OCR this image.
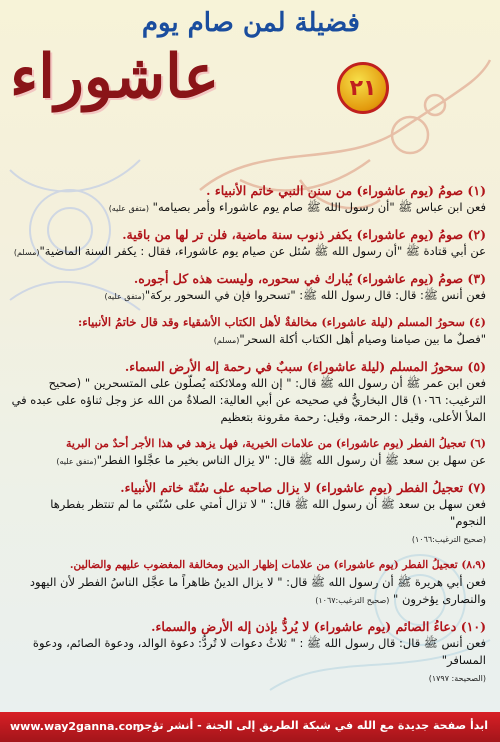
فضيلة لمن صام يوم
٢١
عاشوراء
(١) صومُ (يوم عاشوراء) من سنن النبي خاتم الأنبياء .
فعن ابن عباس ﷺ "أن رسول الله ﷺ صام يوم عاشوراء وأمر بصيامه" (متفق عليه)
(٢) صومُ (يوم عاشوراء) يكفر ذنوب سنة ماضية، فلن تر لها من باقية.
عن أبي قتادة ﷺ "أن رسول الله ﷺ سُئل عن صيام يوم عاشوراء، فقال : يكفر السنة الماضية"(مسلم)
(٣) صومُ (يوم عاشوراء) يُبارك في سحوره، وليست هذه كل أجوره.
فعن أنس ﷺ: قال: قال رسول الله ﷺ: "تسحروا فإن في السحور بركة"(متفق عليه)
(٤) سحورُ المسلم (ليلة عاشوراء) مخالفةٌ لأهل الكتاب الأشقياء وقد قال خاتمُ الأنبياء:
"فصلٌ ما بين صيامنا وصيام أهل الكتاب أكلة السحر"(مسلم)
(٥) سحورُ المسلم (ليلة عاشوراء) سببٌ في رحمة إله الأرض السماء.
فعن ابن عمر ﷺ أن رسول الله ﷺ قال: " إن الله وملائكته يُصلّون على المتسحرين " (صحيح الترغيب: ١٠٦٦) قال البخاريُّ في صحيحه عن أبي العالية: الصلاةُ من الله عز وجل ثناؤه على عبده في الملأ الأعلى، وقيل : الرحمة، وقيل: رحمة مقرونة بتعظيم
(٦) تعجيلُ الفطر (يوم عاشوراء) من علامات الخيرية، فهل يزهد في هذا الأجر أحدٌ من البرية
عن سهل بن سعد ﷺ أن رسول الله ﷺ قال: "لا يزال الناس بخير ما عجَّلوا الفطر"(متفق عليه)
(٧) تعجيلُ الفطر (يوم عاشوراء) لا يزال صاحبه على سُنّة خاتم الأنبياء.
فعن سهل بن سعد ﷺ أن رسول الله ﷺ قال: " لا تزال أمتي على سُنّتي ما لم تنتظر بفطرها النجوم"
(صحيح الترغيب:١٠٦٦)
(٨،٩) تعجيلُ الفطر (يوم عاشوراء) من علامات إظهار الدين ومخالفة المغضوب عليهم والضالين.
فعن أبي هريرة ﷺ أن رسول الله ﷺ قال: " لا يزال الدينُ ظاهراً ما عجَّل الناسُ الفطر لأن اليهود والنصارى يؤخرون " (صحيح الترغيب:١٠٦٧)
(١٠) دعاءُ الصائم (يوم عاشوراء) لا يُردُّ بإذن إله الأرض والسماء.
فعن أنس ﷺ قال: قال رسول الله ﷺ : " ثلاثُ دعوات لا تُردُّ: دعوة الوالد، ودعوة الصائم، ودعوة المسافر"
(الصحيحة: ١٧٩٧)
www.way2ganna.com
ابدأ صفحة جديدة مع الله في شبكة الطريق إلى الجنة - أنشر تؤجر
